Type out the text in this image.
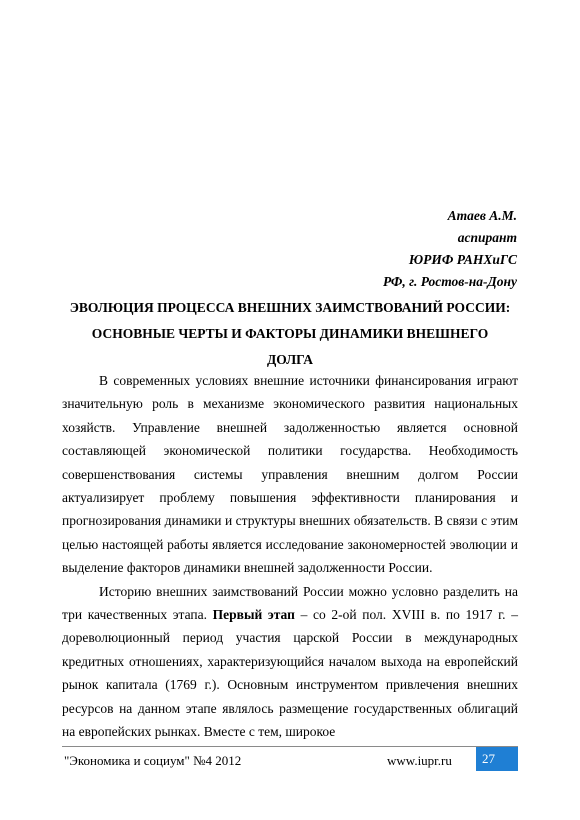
Атаев А.М.
аспирант
ЮРИФ РАНХиГС
РФ, г. Ростов-на-Дону
ЭВОЛЮЦИЯ ПРОЦЕССА ВНЕШНИХ ЗАИМСТВОВАНИЙ РОССИИ:
ОСНОВНЫЕ ЧЕРТЫ И ФАКТОРЫ ДИНАМИКИ ВНЕШНЕГО
ДОЛГА

В современных условиях внешние источники финансирования играют значительную роль в механизме экономического развития национальных хозяйств. Управление внешней задолженностью является основной составляющей экономической политики государства. Необходимость совершенствования системы управления внешним долгом России актуализирует проблему повышения эффективности планирования и прогнозирования динамики и структуры внешних обязательств. В связи с этим целью настоящей работы является исследование закономерностей эволюции и выделение факторов динамики внешней задолженности России.

Историю внешних заимствований России можно условно разделить на три качественных этапа. Первый этап – со 2-ой пол. XVIII в. по 1917 г. – дореволюционный период участия царской России в международных кредитных отношениях, характеризующийся началом выхода на европейский рынок капитала (1769 г.). Основным инструментом привлечения внешних ресурсов на данном этапе являлось размещение государственных облигаций на европейских рынках. Вместе с тем, широкое

"Экономика и социум" №4 2012	www.iupr.ru	27
